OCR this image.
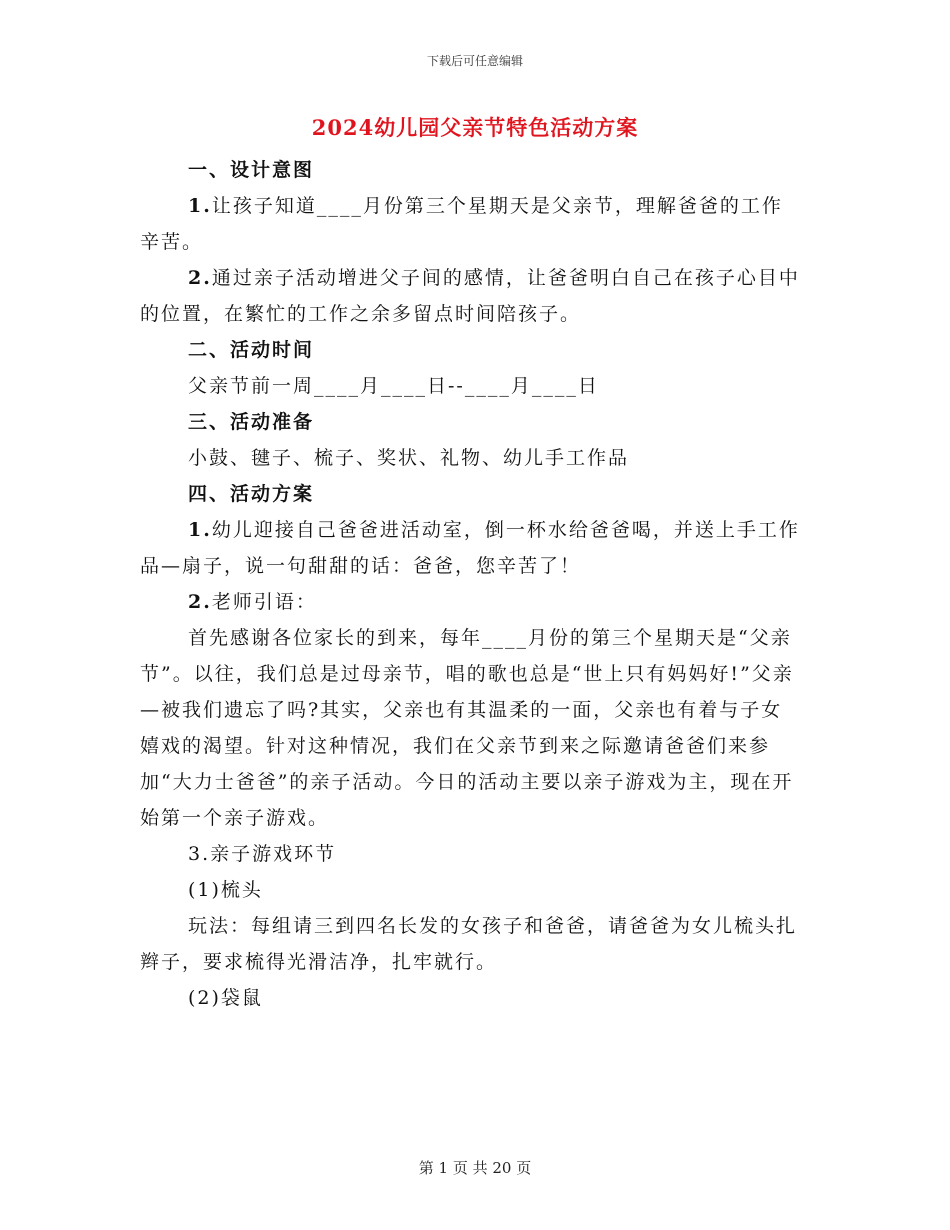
下载后可任意编辑
2024幼儿园父亲节特色活动方案

一、设计意图

1.让孩子知道____月份第三个星期天是父亲节，理解爸爸的工作辛苦。

2.通过亲子活动增进父子间的感情，让爸爸明白自己在孩子心目中的位置，在繁忙的工作之余多留点时间陪孩子。

二、活动时间

父亲节前一周____月____日--____月____日

三、活动准备

小鼓、毽子、梳子、奖状、礼物、幼儿手工作品

四、活动方案

1.幼儿迎接自己爸爸进活动室，倒一杯水给爸爸喝，并送上手工作品—扇子，说一句甜甜的话：爸爸，您辛苦了！

2.老师引语：

首先感谢各位家长的到来，每年____月份的第三个星期天是“父亲节”。以往，我们总是过母亲节，唱的歌也总是“世上只有妈妈好!”父亲—被我们遗忘了吗?其实，父亲也有其温柔的一面，父亲也有着与子女嬉戏的渴望。针对这种情况，我们在父亲节到来之际邀请爸爸们来参加“大力士爸爸”的亲子活动。今日的活动主要以亲子游戏为主，现在开始第一个亲子游戏。

3.亲子游戏环节

(1)梳头

玩法：每组请三到四名长发的女孩子和爸爸，请爸爸为女儿梳头扎辫子，要求梳得光滑洁净，扎牢就行。

(2)袋鼠

第 1 页 共 20 页
